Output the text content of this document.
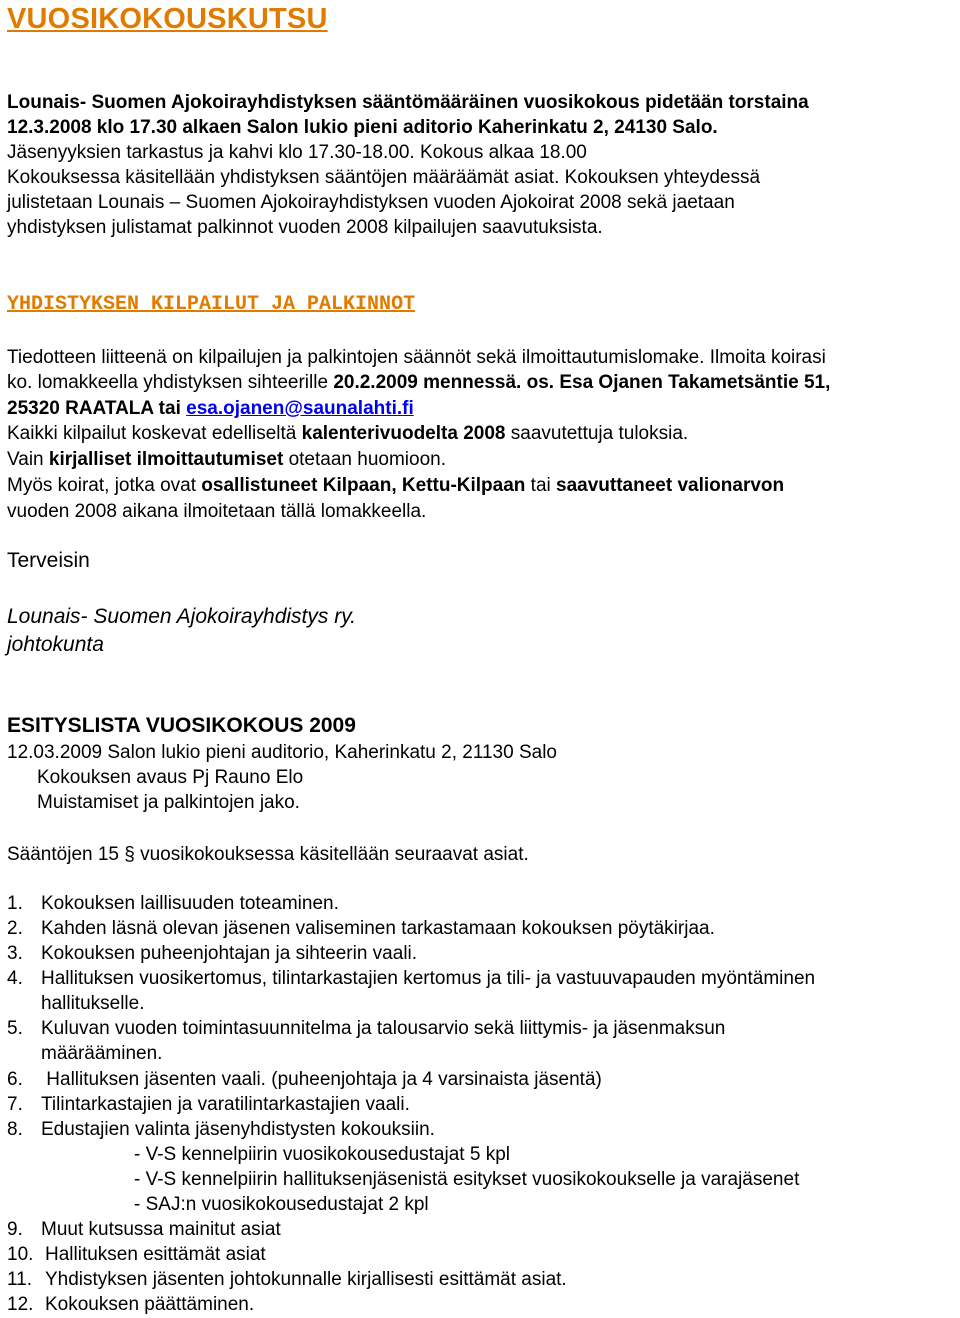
VUOSIKOKOUSKUTSU
Lounais- Suomen Ajokoirayhdistyksen sääntömääräinen vuosikokous pidetään torstaina
12.3.2008 klo 17.30 alkaen Salon lukio pieni aditorio Kaherinkatu 2, 24130 Salo.
Jäsenyyksien tarkastus ja kahvi klo 17.30-18.00. Kokous alkaa 18.00
Kokouksessa käsitellään yhdistyksen sääntöjen määräämät asiat. Kokouksen yhteydessä
julistetaan Lounais – Suomen Ajokoirayhdistyksen vuoden Ajokoirat 2008 sekä jaetaan
yhdistyksen julistamat palkinnot vuoden 2008 kilpailujen saavutuksista.
YHDISTYKSEN KILPAILUT JA PALKINNOT
Tiedotteen liitteenä on kilpailujen ja palkintojen säännöt sekä ilmoittautumislomake. Ilmoita koirasi
ko. lomakkeella yhdistyksen sihteerille 20.2.2009 mennessä. os. Esa Ojanen Takametsäntie 51,
25320 RAATALA tai esa.ojanen@saunalahti.fi
Kaikki kilpailut koskevat edelliseltä kalenterivuodelta 2008 saavutettuja tuloksia.
Vain kirjalliset ilmoittautumiset otetaan huomioon.
Myös koirat, jotka ovat osallistuneet Kilpaan, Kettu-Kilpaan tai saavuttaneet valionarvon
vuoden 2008 aikana ilmoitetaan tällä lomakkeella.
Terveisin
Lounais- Suomen Ajokoirayhdistys ry.
johtokunta
ESITYSLISTA VUOSIKOKOUS 2009
12.03.2009 Salon lukio pieni auditorio, Kaherinkatu 2, 21130 Salo
Kokouksen avaus Pj Rauno Elo
Muistamiset ja palkintojen jako.
Sääntöjen 15 § vuosikokouksessa käsitellään seuraavat asiat.
1. Kokouksen laillisuuden toteaminen.
2. Kahden läsnä olevan jäsenen valiseminen tarkastamaan kokouksen pöytäkirjaa.
3. Kokouksen puheenjohtajan ja sihteerin vaali.
4. Hallituksen vuosikertomus, tilintarkastajien kertomus ja tili- ja vastuuvapauden myöntäminen
hallitukselle.
5. Kuluvan vuoden toimintasuunnitelma ja talousarvio sekä liittymis- ja jäsenmaksun
määrääminen.
6. Hallituksen jäsenten vaali. (puheenjohtaja ja 4 varsinaista jäsentä)
7. Tilintarkastajien ja varatilintarkastajien vaali.
8. Edustajien valinta jäsenyhdistysten kokouksiin.
- V-S kennelpiirin vuosikokousedustajat 5 kpl
- V-S kennelpiirin hallituksenjäsenistä esitykset vuosikokoukselle ja varajäsenet
- SAJ:n vuosikokousedustajat 2 kpl
9. Muut kutsussa mainitut asiat
10. Hallituksen esittämät asiat
11. Yhdistyksen jäsenten johtokunnalle kirjallisesti esittämät asiat.
12. Kokouksen päättäminen.
